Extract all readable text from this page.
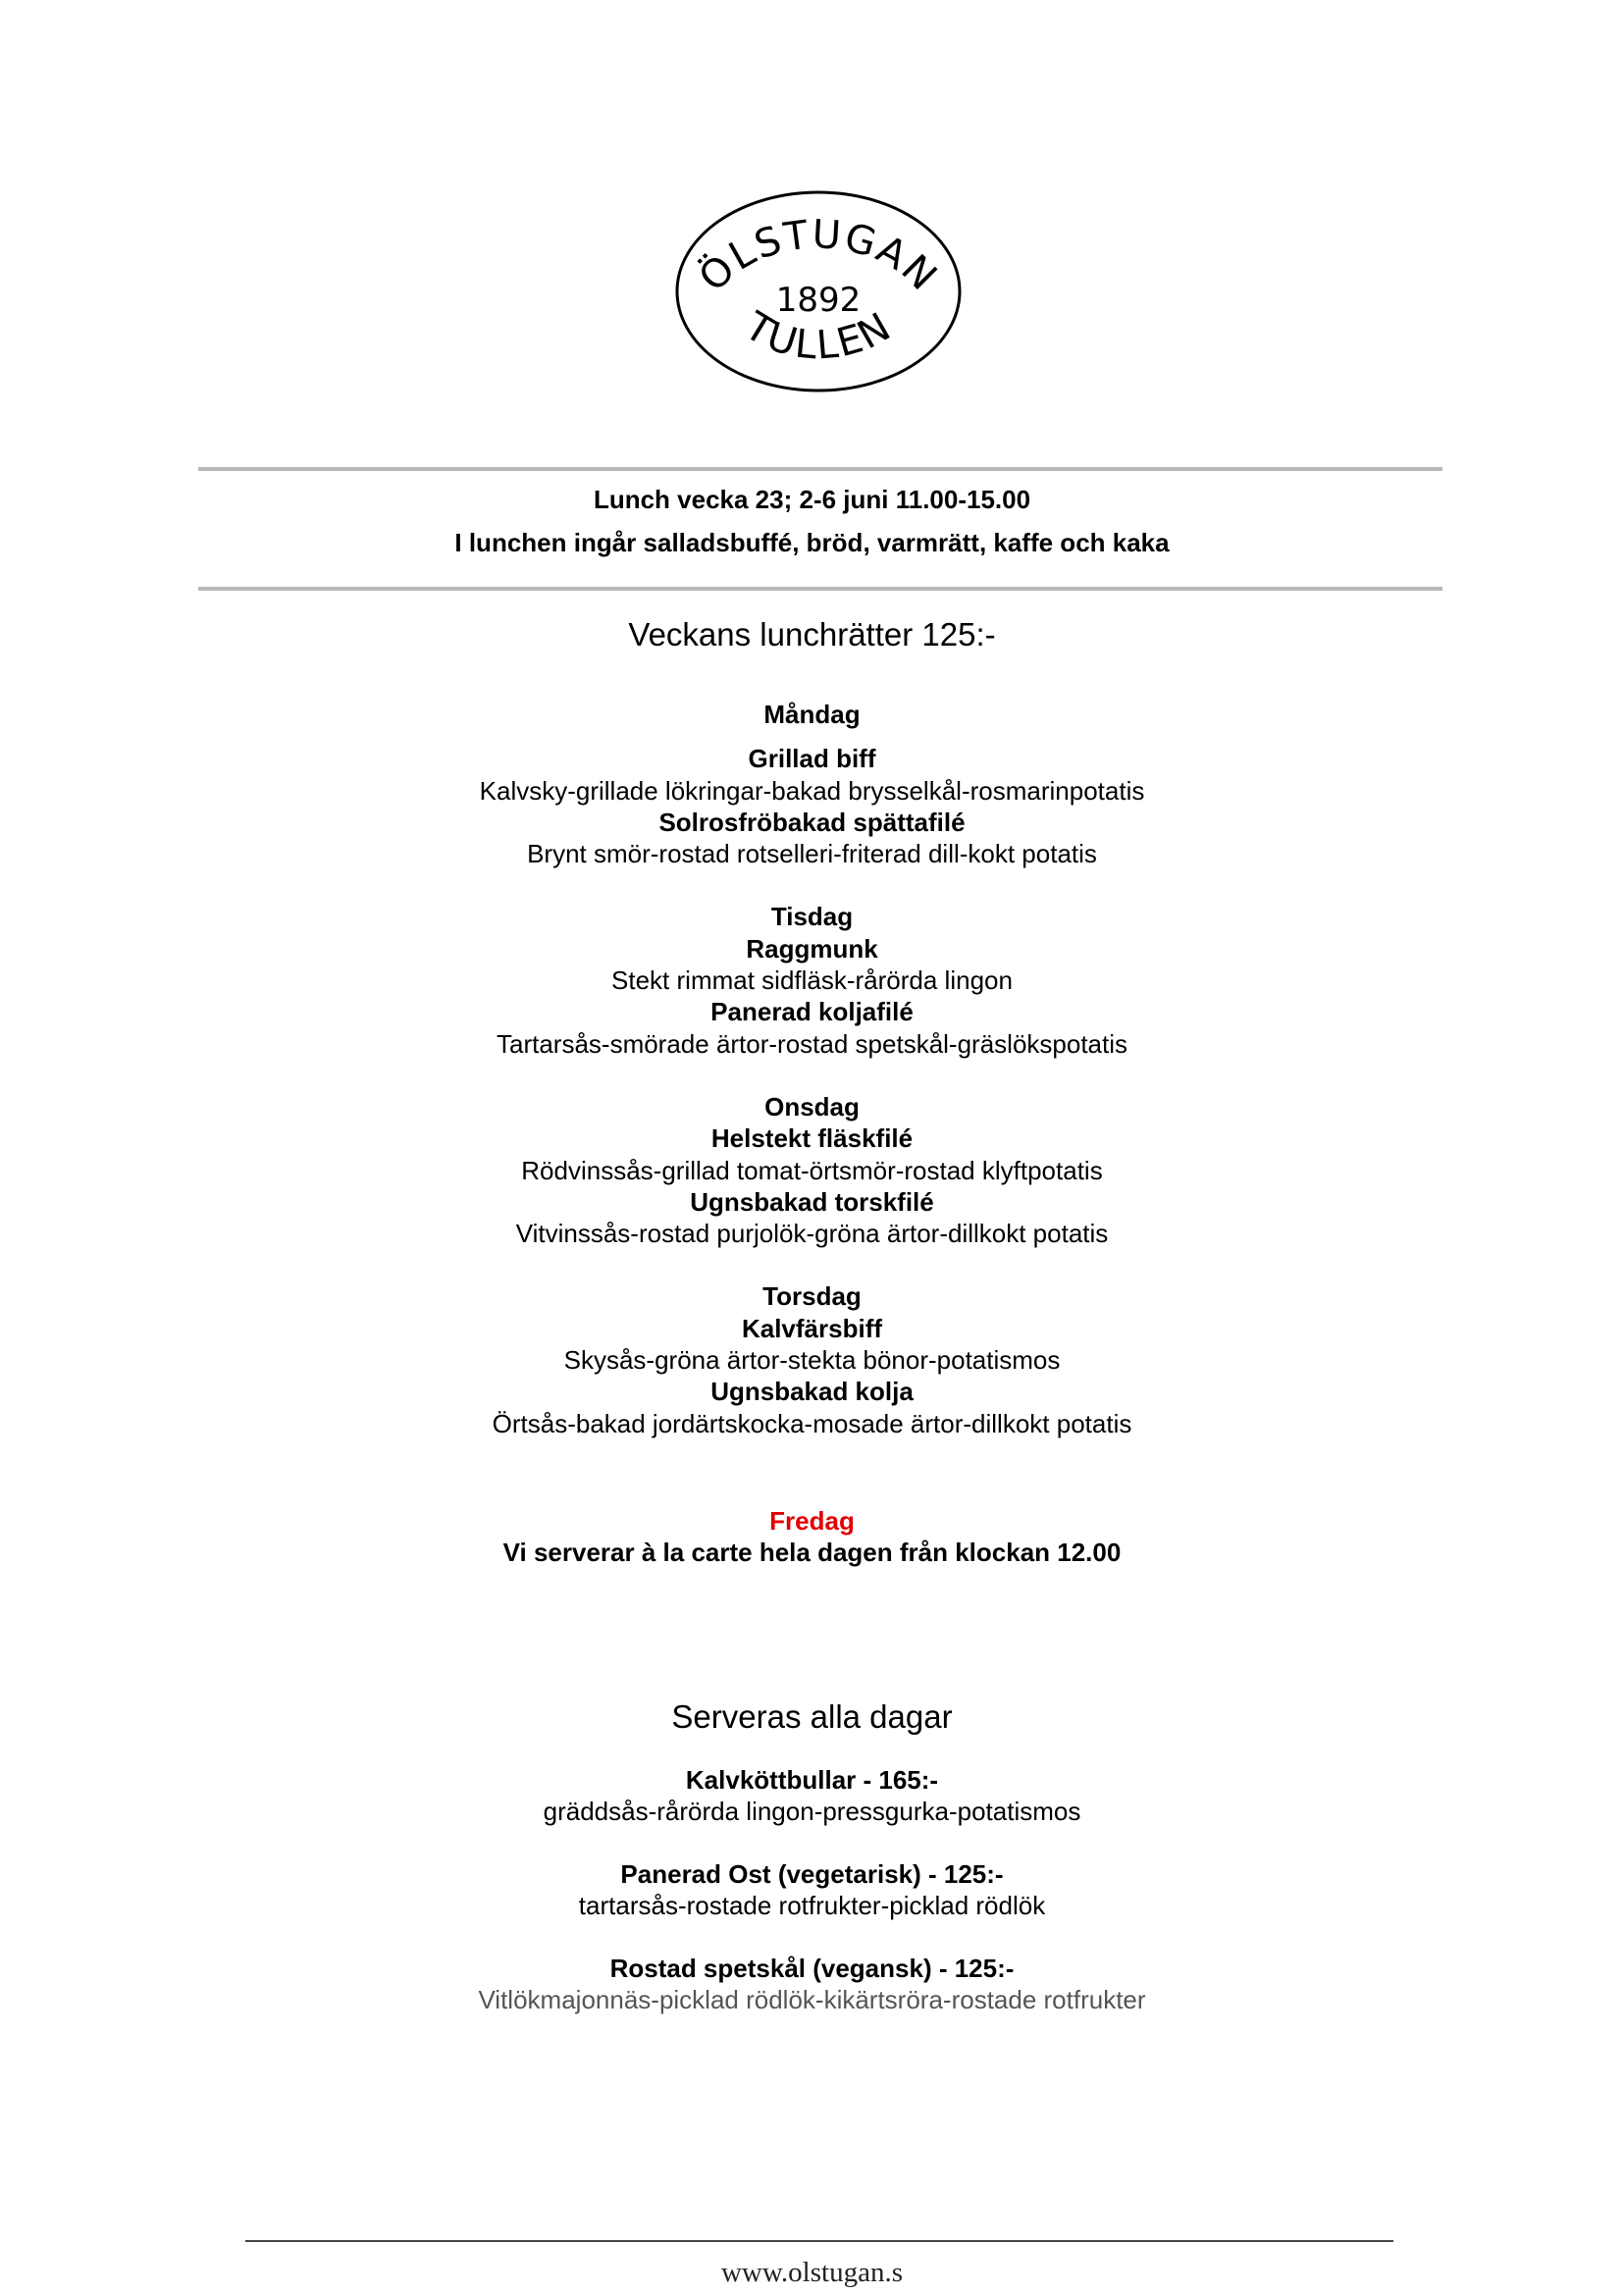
ÖLSTUGAN
1892
TULLEN
Lunch vecka 23; 2-6 juni 11.00-15.00
I lunchen ingår salladsbuffé, bröd, varmrätt, kaffe och kaka
Veckans lunchrätter 125:-
Måndag
Grillad biff
Kalvsky-grillade lökringar-bakad brysselkål-rosmarinpotatis
Solrosfröbakad spättafilé
Brynt smör-rostad rotselleri-friterad dill-kokt potatis
Tisdag
Raggmunk
Stekt rimmat sidfläsk-rårörda lingon
Panerad koljafilé
Tartarsås-smörade ärtor-rostad spetskål-gräslökspotatis
Onsdag
Helstekt fläskfilé
Rödvinssås-grillad tomat-örtsmör-rostad klyftpotatis
Ugnsbakad torskfilé
Vitvinssås-rostad purjolök-gröna ärtor-dillkokt potatis
Torsdag
Kalvfärsbiff
Skysås-gröna ärtor-stekta bönor-potatismos
Ugnsbakad kolja
Örtsås-bakad jordärtskocka-mosade ärtor-dillkokt potatis
Fredag
Vi serverar à la carte hela dagen från klockan 12.00
Serveras alla dagar
Kalvköttbullar - 165:-
gräddsås-rårörda lingon-pressgurka-potatismos
Panerad Ost (vegetarisk) - 125:-
tartarsås-rostade rotfrukter-picklad rödlök
Rostad spetskål (vegansk) - 125:-
Vitlökmajonnäs-picklad rödlök-kikärtsröra-rostade rotfrukter
www.olstugan.s
